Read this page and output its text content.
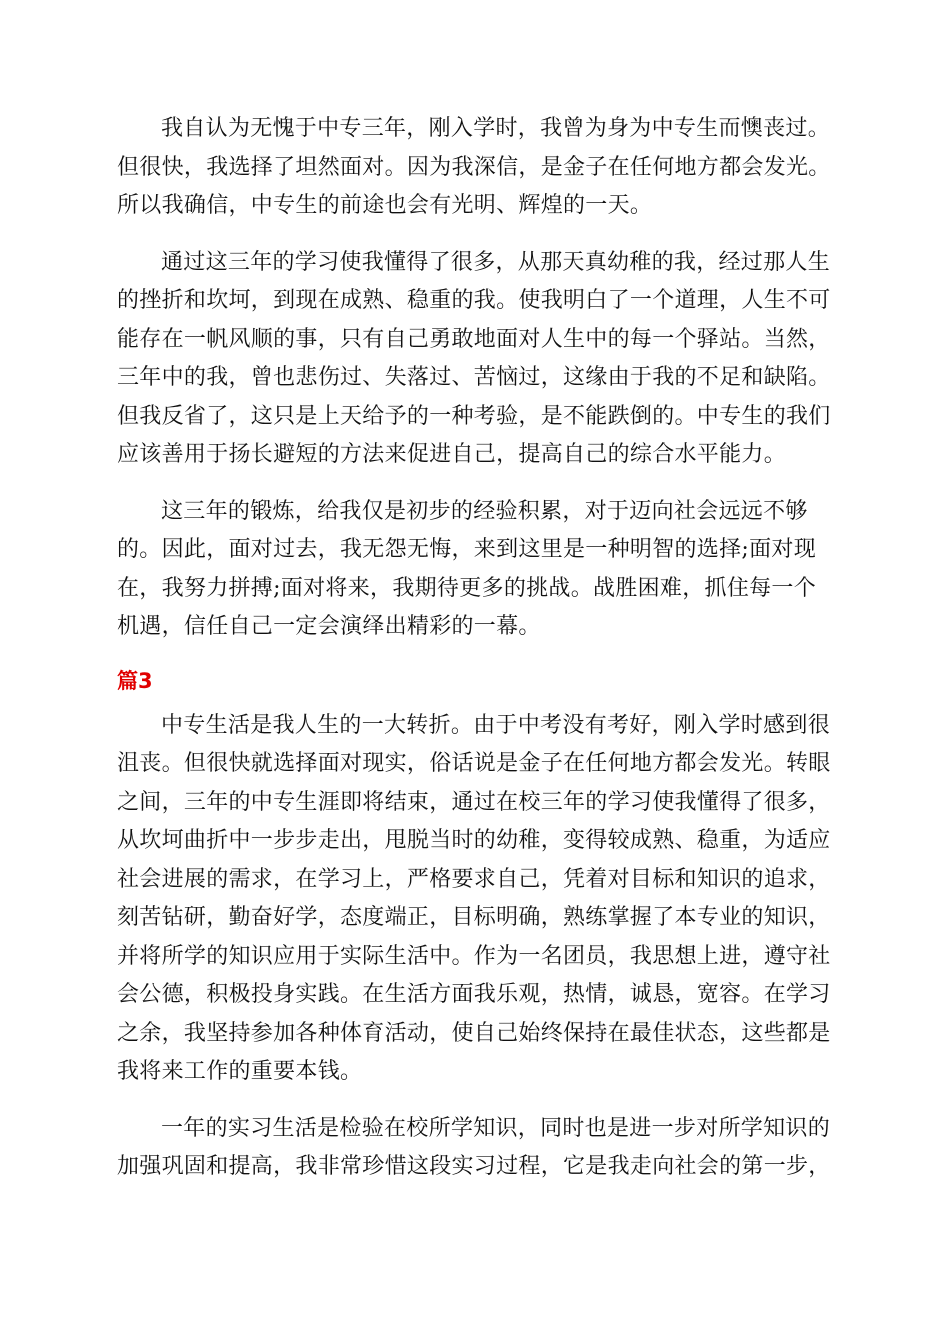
我自认为无愧于中专三年，刚入学时，我曾为身为中专生而懊丧过。
但很快，我选择了坦然面对。因为我深信，是金子在任何地方都会发光。
所以我确信，中专生的前途也会有光明、辉煌的一天。

通过这三年的学习使我懂得了很多，从那天真幼稚的我，经过那人生
的挫折和坎坷，到现在成熟、稳重的我。使我明白了一个道理，人生不可
能存在一帆风顺的事，只有自己勇敢地面对人生中的每一个驿站。当然，
三年中的我，曾也悲伤过、失落过、苦恼过，这缘由于我的不足和缺陷。
但我反省了，这只是上天给予的一种考验，是不能跌倒的。中专生的我们
应该善用于扬长避短的方法来促进自己，提高自己的综合水平能力。

这三年的锻炼，给我仅是初步的经验积累，对于迈向社会远远不够
的。因此，面对过去，我无怨无悔，来到这里是一种明智的选择;面对现
在，我努力拼搏;面对将来，我期待更多的挑战。战胜困难，抓住每一个
机遇，信任自己一定会演绎出精彩的一幕。

篇3

中专生活是我人生的一大转折。由于中考没有考好，刚入学时感到很
沮丧。但很快就选择面对现实，俗话说是金子在任何地方都会发光。转眼
之间，三年的中专生涯即将结束，通过在校三年的学习使我懂得了很多，
从坎坷曲折中一步步走出，甩脱当时的幼稚，变得较成熟、稳重，为适应
社会进展的需求，在学习上，严格要求自己，凭着对目标和知识的追求，
刻苦钻研，勤奋好学，态度端正，目标明确，熟练掌握了本专业的知识，
并将所学的知识应用于实际生活中。作为一名团员，我思想上进，遵守社
会公德，积极投身实践。在生活方面我乐观，热情，诚恳，宽容。在学习
之余，我坚持参加各种体育活动，使自己始终保持在最佳状态，这些都是
我将来工作的重要本钱。

一年的实习生活是检验在校所学知识，同时也是进一步对所学知识的
加强巩固和提高，我非常珍惜这段实习过程，它是我走向社会的第一步，
